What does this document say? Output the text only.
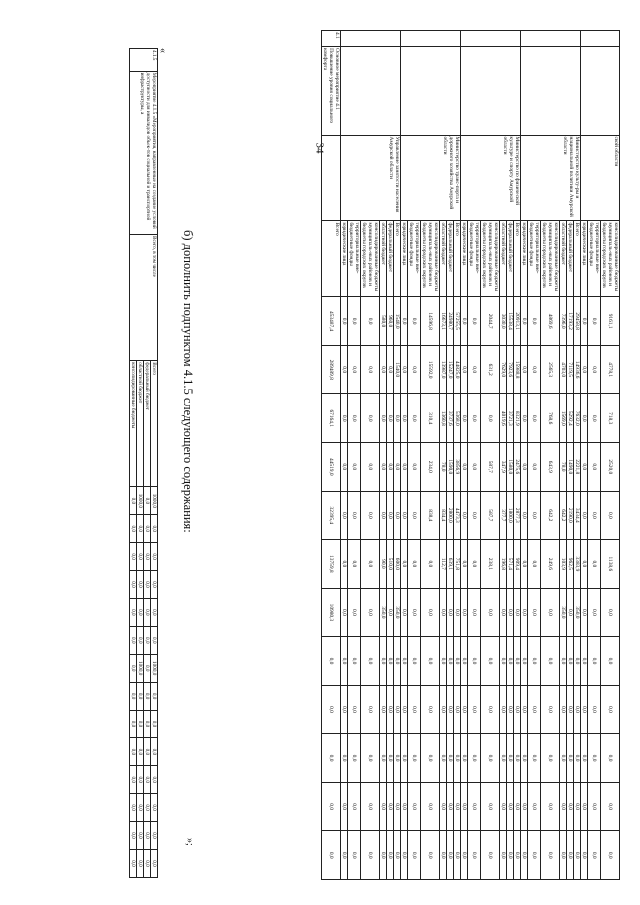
34
			ской области	консолидированные бюджеты муниципаль-ных районов и бюджеты городских округов	9161,1	4778,1	718,3	2520,0	0,0	1138,6	0,0	0,0	0,0	0,0	0,0	0,0
			территориальные вне-бюджетные фонды	0,0	0,0	0,0	0,0	0,0	0,0	0,0	0,0	0,0	0,0	0,0	0,0
			юридические лица	0,0	0,0	0,0	0,0	0,0	0,0	0,0	0,0	0,0	0,0	0,0	0,0
		Министерство культу-ры и национальной политики Амурской области	Всего	29458,8	14936,6	7632,0	2221,8	3434,4	3383,9	350,0	0,0	0,0	0,0	0,0	0,0
			федеральный бюджет	17193,2	7119,5	5292,4	1490,0	2190,0	962,5	0,0	0,0	0,0	0,0	0,0	0,0
			областной бюджет	7396,0	4703,0	1569,0	78,0	642,2	103,9	350,0	0,0	0,0	0,0	0,0	0,0
			консолидированные бюджеты муниципаль-ных районов и бюджеты городских округов	4869,6	2565,3	768,6	643,9	642,2	249,6	0,0	0,0	0,0	0,0	0,0	0,0
			территориальные вне-бюджетные фонды	0,0	0,0	0,0	0,0	0,0	0,0	0,0	0,0	0,0	0,0	0,0	0,0
			юридические лица	0,0	0,0	0,0	0,0	0,0	0,0	0,0	0,0	0,0	0,0	0,0	0,0
		Министерство по физической культуре и спорту Амурской области	Всего	20913,1	15988,8	8321,9	2475,6	2877,3	909,4	0,0	0,0	0,0	0,0	0,0	0,0
			федеральный бюджет	15538,4	7923,6	3721,3	1580,0	1800,0	571,4	0,0	0,0	0,0	0,0	0,0	0,0
			областной бюджет	3030,0	7629,0	4019,6	347,9	377,7	196,8	0,0	0,0	0,0	0,0	0,0	0,0
			консолидированные бюджеты муниципаль-ных районов и бюджеты городских округов	2044,7	631,2	0,0	587,7	587,7	238,1	0,0	0,0	0,0	0,0	0,0	0,0
			территориальные вне-бюджетные фонды	0,0	0,0	0,0	0,0	0,0	0,0	0,0	0,0	0,0	0,0	0,0	0,0
			юридические лица	0,0	0,0	0,0	0,0	0,0	0,0	0,0	0,0	0,0	0,0	0,0	0,0
		Министерство транс-порта и дорожного хозяйства Амурской области	Всего	57255,5	44825,0	5368,0	3856,9	4473,3	751,8	0,0	0,0	0,0	0,0	0,0	0,0
			федеральный бюджет	24980,7	15247,0	3737,6	1590,0	2800,0	639,1	0,0	0,0	0,0	0,0	0,0	0,0
			областной бюджет	16673,1	13987,0	1360,8	78,0	834,4	112,7	0,0	0,0	0,0	0,0	0,0	0,0
			консолидированные бюджеты муниципаль-ных районов и бюджеты городских округов	14596,8	15592,0	310,4	234,0	838,4	0,0	0,0	0,0	0,0	0,0	0,0	0,0
			территориальные вне-бюджетные фонды	0,0	0,0	0,0	0,0	0,0	0,0	0,0	0,0	0,0	0,0	0,0	0,0
			юридические лица	0,0	0,0	0,0	0,0	0,0	0,0	0,0	0,0	0,0	0,0	0,0	0,0
		Управление занятости населения Амурской области	Всего	1540,0	1540,0	0,0	0,0	0,0	600,0	350,0	0,0	0,0	0,0	0,0	0,0
			федеральный бюджет	960,0	0,0	0,0	0,0	0,0	510,0	0,0	0,0	0,0	0,0	0,0	0,0
			областной бюджет	580,0	0,0	0,0	0,0	0,0	90,0	350,0	0,0	0,0	0,0	0,0	0,0
			консолидированные бюджеты муниципаль-ных районов и бюджеты городских округов	0,0	0,0	0,0	0,0	0,0	0,0	0,0	0,0	0,0	0,0	0,0	0,0
			территориальные вне-бюджетные фонды	0,0	0,0	0,0	0,0	0,0	0,0	0,0	0,0	0,0	0,0	0,0	0,0
			юридические лица	0,0	0,0	0,0	0,0	0,0	0,0	0,0	0,0	0,0	0,0	0,0	0,0
4.1	Основное мероприятие 4.1 Повышение уровня социального комфорта		Всего	453487,4	289489,8	67164,1	44519,0	32395,4	13759,8	10980,3	0,0	0,0	0,0	0,0	0,0
«
б) дополнить подпунктом 4.1.5 следующего содержания:
»;
4.1.5	Мероприятие 4.1.5 «Мероприятия, направленные на создание условий доступности для инвалидов объек-тов социальной и транспортной инфраструктуры, а	Всего, в том числе	Всего	1000,0	0,0	0,0	0,0	0,0	0,0	1000,0	0,0	0,0	0,0	0,0	0,0	0,0	0,0
			федеральный бюджет	0,0	0,0	0,0	0,0	0,0	0,0	0,0	0,0	0,0	0,0	0,0	0,0	0,0	0,0
			областной бюджет	1000,0	0,0	0,0	0,0	0,0	0,0	1000,0	0,0	0,0	0,0	0,0	0,0	0,0	0,0
			консолидированные бюджеты	0,0	0,0	0,0	0,0	0,0	0,0	0,0	0,0	0,0	0,0	0,0	0,0	0,0	0,0
